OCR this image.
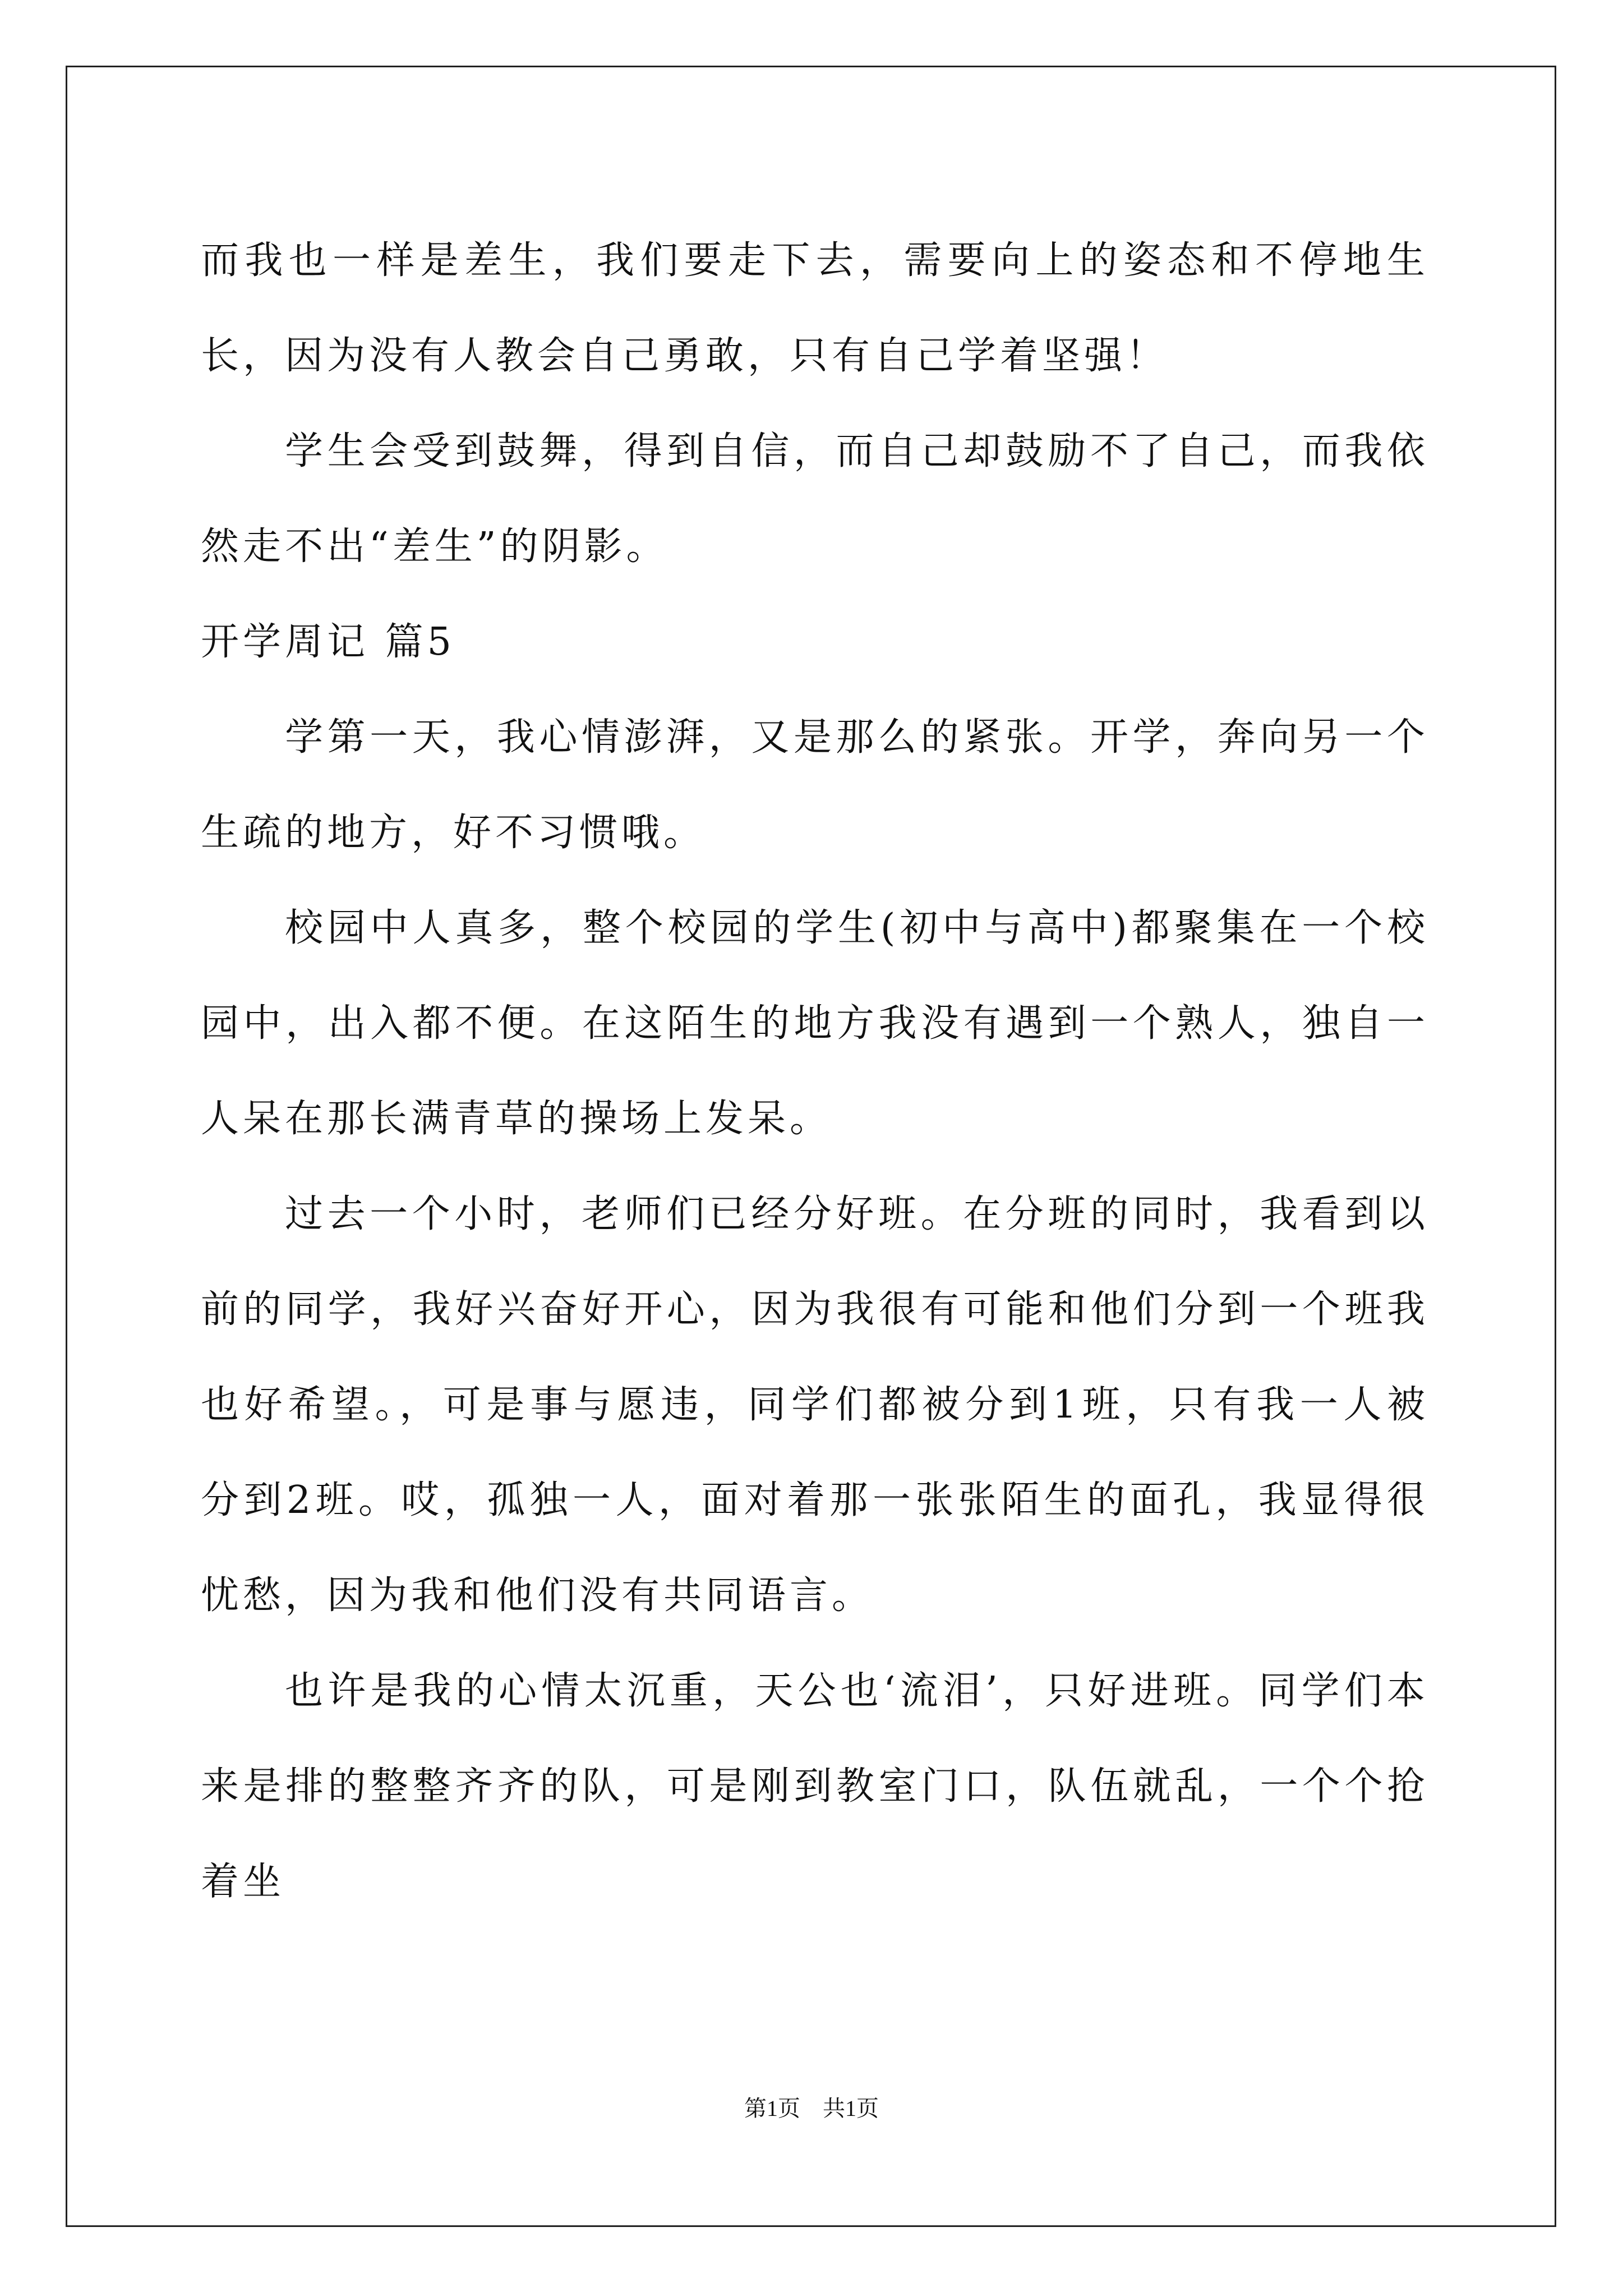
而我也一样是差生，我们要走下去，需要向上的姿态和不停地生长，因为没有人教会自己勇敢，只有自己学着坚强！

学生会受到鼓舞，得到自信，而自己却鼓励不了自己，而我依然走不出“差生”的阴影。

开学周记 篇5

学第一天，我心情澎湃，又是那么的紧张。开学，奔向另一个生疏的地方，好不习惯哦。

校园中人真多，整个校园的学生(初中与高中)都聚集在一个校园中，出入都不便。在这陌生的地方我没有遇到一个熟人，独自一人呆在那长满青草的操场上发呆。

过去一个小时，老师们已经分好班。在分班的同时，我看到以前的同学，我好兴奋好开心，因为我很有可能和他们分到一个班我也好希望。，可是事与愿违，同学们都被分到1班，只有我一人被分到2班。哎，孤独一人，面对着那一张张陌生的面孔，我显得很忧愁，因为我和他们没有共同语言。

也许是我的心情太沉重，天公也‘流泪’，只好进班。同学们本来是排的整整齐齐的队，可是刚到教室门口，队伍就乱，一个个抢着坐

第1页　共1页
